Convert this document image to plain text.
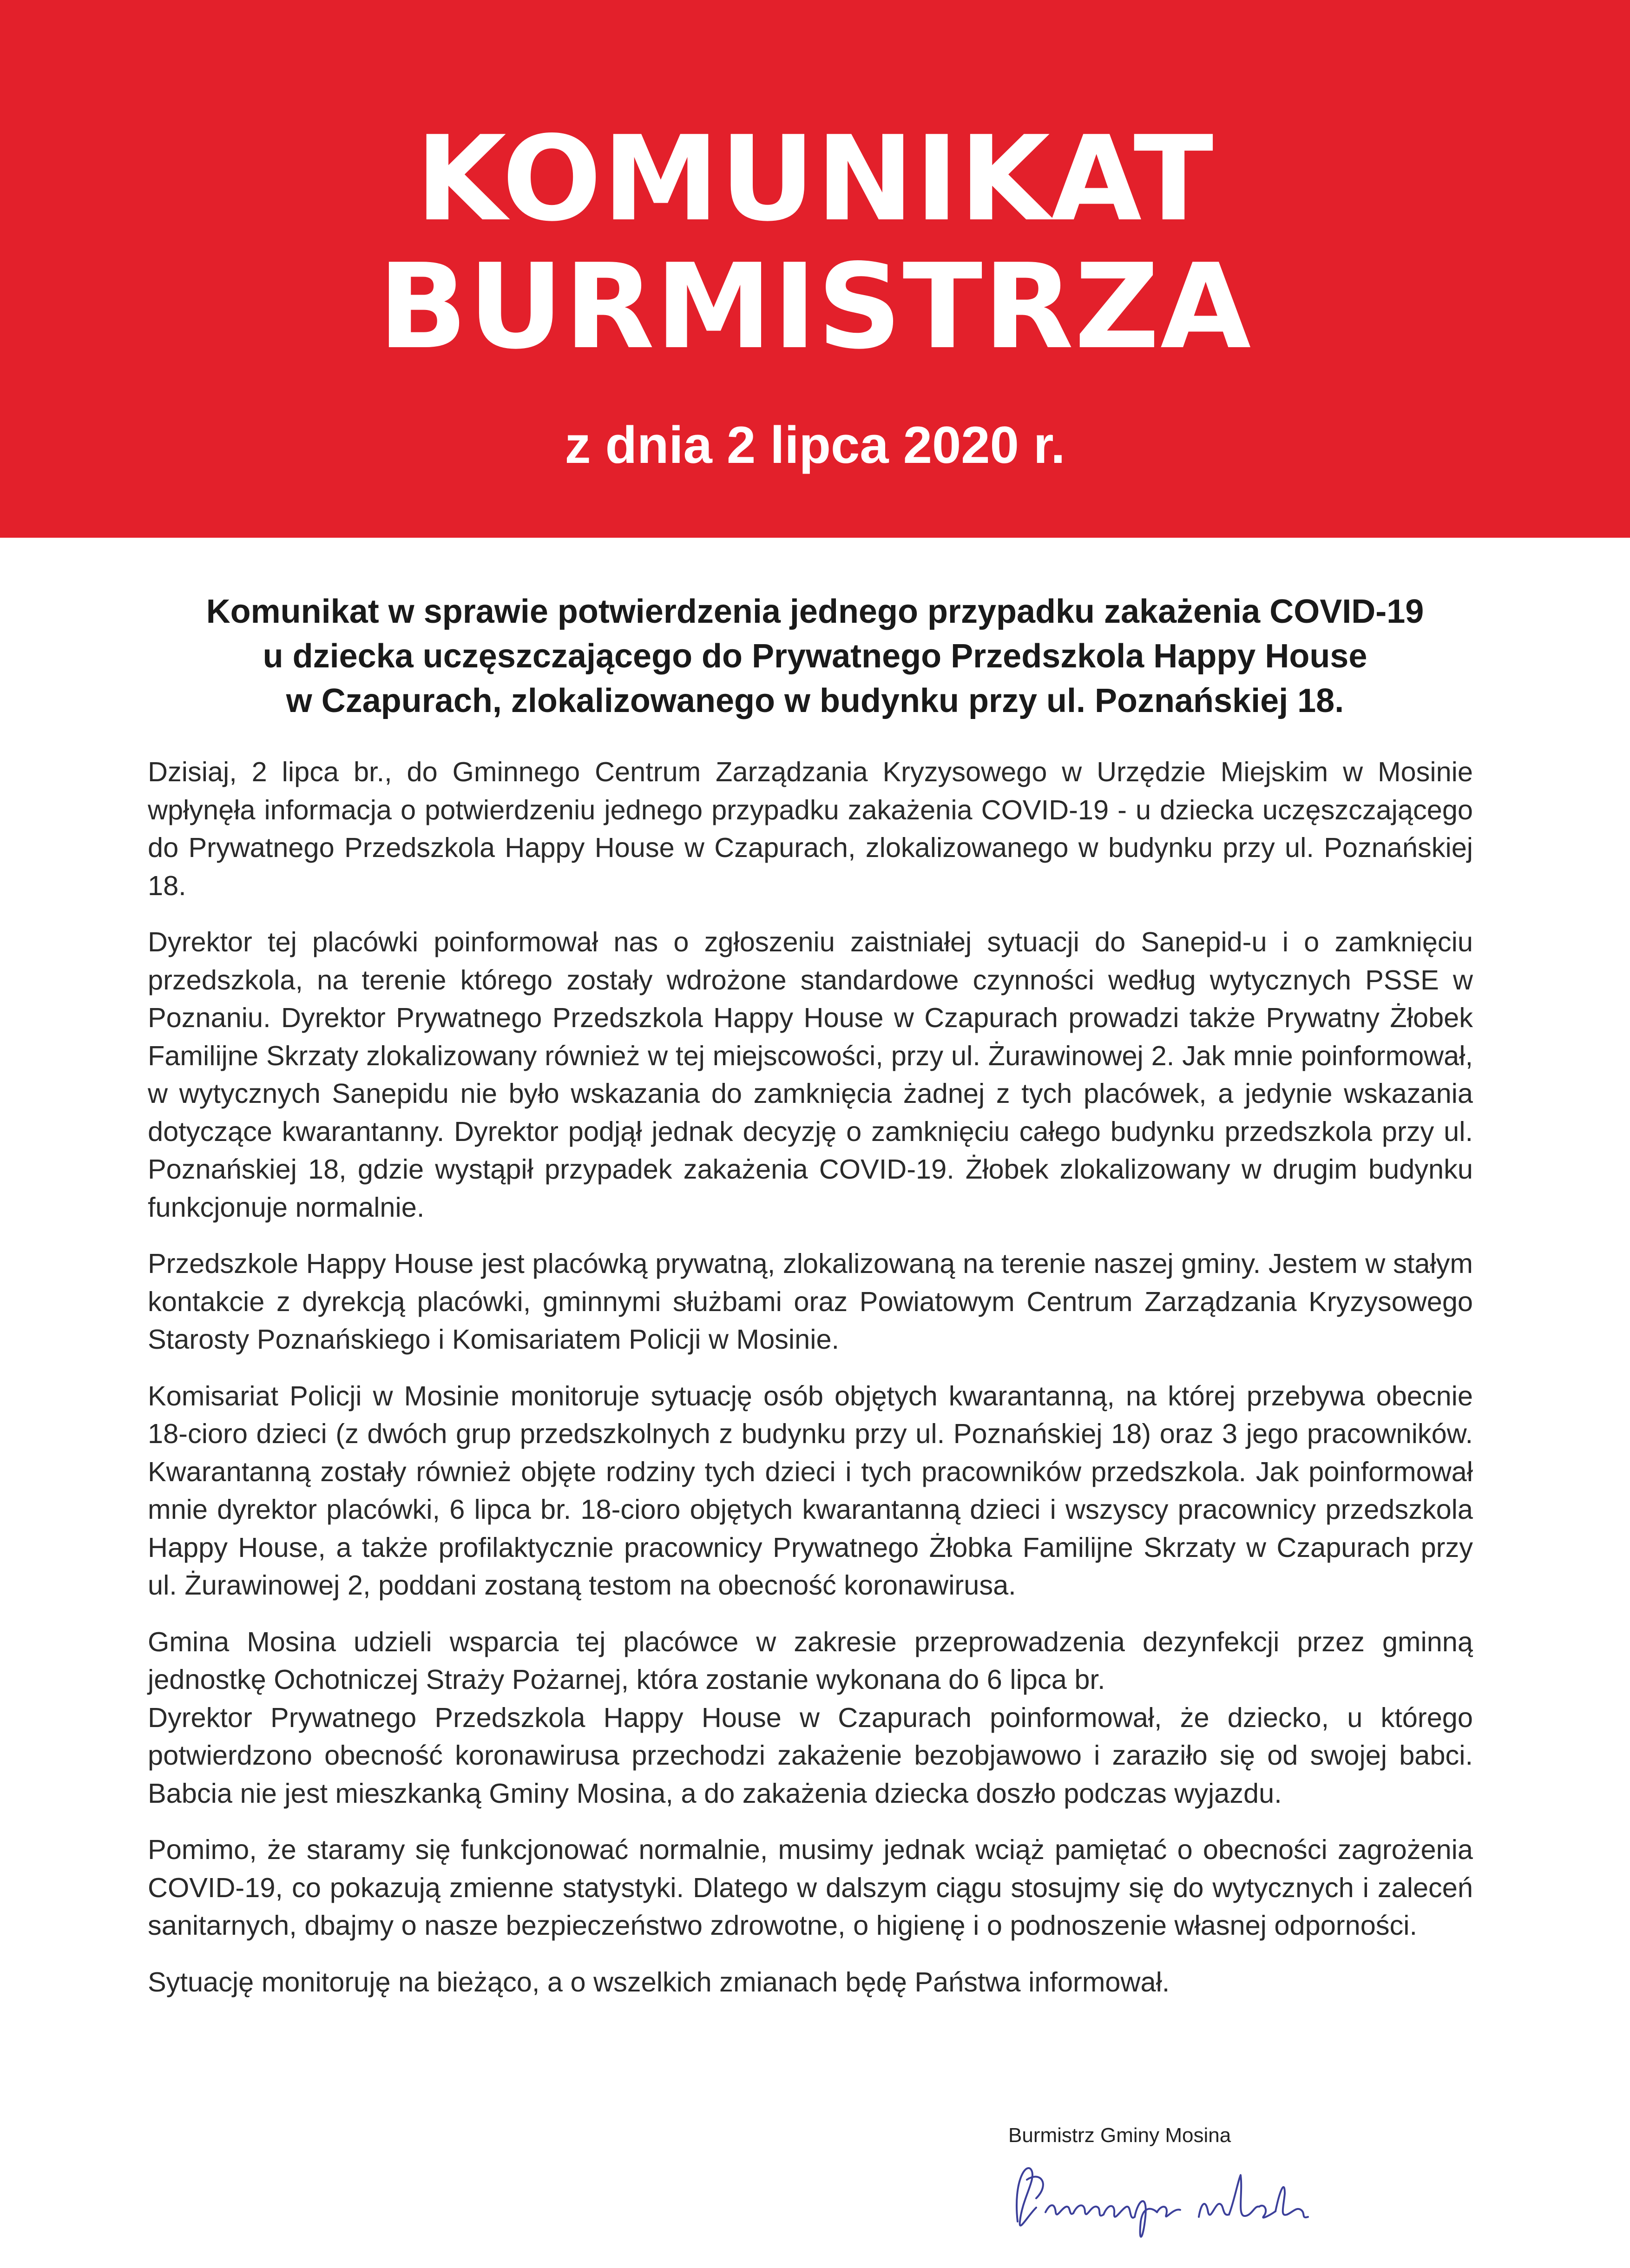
KOMUNIKAT
BURMISTRZA
z dnia 2 lipca 2020 r.
Komunikat w sprawie potwierdzenia jednego przypadku zakażenia COVID-19
u dziecka uczęszczającego do Prywatnego Przedszkola Happy House
w Czapurach, zlokalizowanego w budynku przy ul. Poznańskiej 18.

Dzisiaj, 2 lipca br., do Gminnego Centrum Zarządzania Kryzysowego w Urzędzie Miejskim w Mosinie wpłynęła informacja o potwierdzeniu jednego przypadku zakażenia COVID-19 - u dziecka uczęszczającego do Prywatnego Przedszkola Happy House w Czapurach, zlokalizowanego w budynku przy ul. Poznańskiej 18.

Dyrektor tej placówki poinformował nas o zgłoszeniu zaistniałej sytuacji do Sanepid-u i o zamknięciu przedszkola, na terenie którego zostały wdrożone standardowe czynności według wytycznych PSSE w Poznaniu. Dyrektor Prywatnego Przedszkola Happy House w Czapurach prowadzi także Prywatny Żłobek Familijne Skrzaty zlokalizowany również w tej miejscowości, przy ul. Żurawinowej 2. Jak mnie poinformował, w wytycznych Sanepidu nie było wskazania do zamknięcia żadnej z tych placówek, a jedynie wskazania dotyczące kwarantanny. Dyrektor podjął jednak decyzję o zamknięciu całego budynku przedszkola przy ul. Poznańskiej 18, gdzie wystąpił przypadek zakażenia COVID-19. Żłobek zlokalizowany w drugim budynku funkcjonuje normalnie.

Przedszkole Happy House jest placówką prywatną, zlokalizowaną na terenie naszej gminy. Jestem w stałym kontakcie z dyrekcją placówki, gminnymi służbami oraz Powiatowym Centrum Zarządzania Kryzysowego Starosty Poznańskiego i Komisariatem Policji w Mosinie.

Komisariat Policji w Mosinie monitoruje sytuację osób objętych kwarantanną, na której przebywa obecnie 18-cioro dzieci (z dwóch grup przedszkolnych z budynku przy ul. Poznańskiej 18) oraz 3 jego pracowników. Kwarantanną zostały również objęte rodziny tych dzieci i tych pracowników przedszkola. Jak poinformował mnie dyrektor placówki, 6 lipca br. 18-cioro objętych kwarantanną dzieci i wszyscy pracownicy przedszkola Happy House, a także profilaktycznie pracownicy Prywatnego Żłobka Familijne Skrzaty w Czapurach przy ul. Żurawinowej 2, poddani zostaną testom na obecność koronawirusa.

Gmina Mosina udzieli wsparcia tej placówce w zakresie przeprowadzenia dezynfekcji przez gminną jednostkę Ochotniczej Straży Pożarnej, która zostanie wykonana do 6 lipca br.

Dyrektor Prywatnego Przedszkola Happy House w Czapurach poinformował, że dziecko, u którego potwierdzono obecność koronawirusa przechodzi zakażenie bezobjawowo i zaraziło się od swojej babci. Babcia nie jest mieszkanką Gminy Mosina, a do zakażenia dziecka doszło podczas wyjazdu.

Pomimo, że staramy się funkcjonować normalnie, musimy jednak wciąż pamiętać o obecności zagrożenia COVID-19, co pokazują zmienne statystyki. Dlatego w dalszym ciągu stosujmy się do wytycznych i zaleceń sanitarnych, dbajmy o nasze bezpieczeństwo zdrowotne, o higienę i o podnoszenie własnej odporności.

Sytuację monitoruję na bieżąco, a o wszelkich zmianach będę Państwa informował.

Burmistrz Gminy Mosina
